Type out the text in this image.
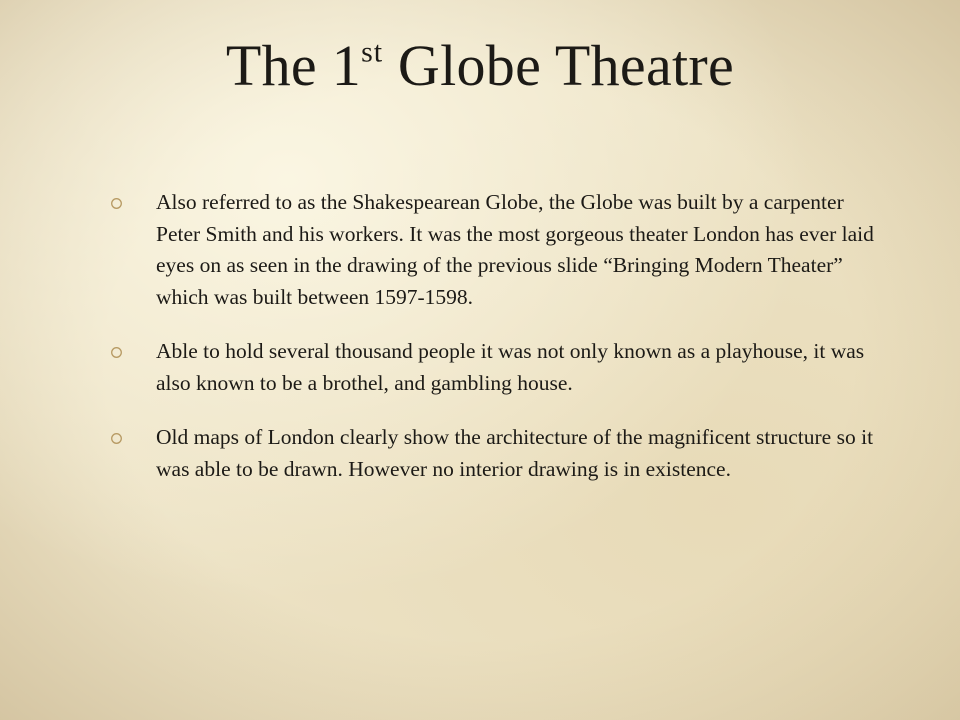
The 1st Globe Theatre
Also referred to as the Shakespearean Globe, the Globe was built by a carpenter Peter Smith and his workers. It was the most gorgeous theater London has ever laid eyes on as seen in the drawing of the previous slide “Bringing Modern Theater” which was built between 1597-1598.
Able to hold several thousand people it was not only known as a playhouse, it was also known to be a brothel, and gambling house.
Old maps of London clearly show the architecture of the magnificent structure so it was able to be drawn. However no interior drawing is in existence.
